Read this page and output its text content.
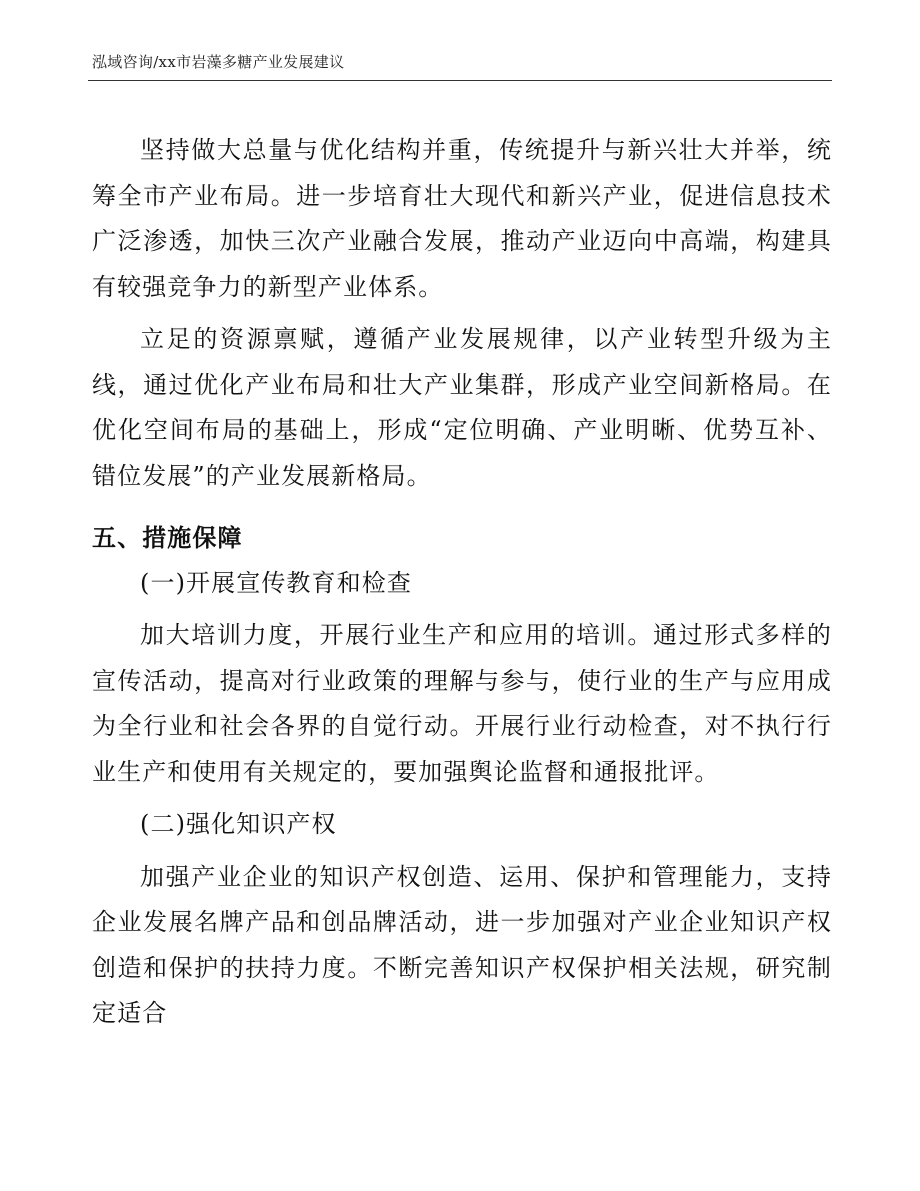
泓域咨询/xx市岩藻多糖产业发展建议

坚持做大总量与优化结构并重，传统提升与新兴壮大并举，统筹全市产业布局。进一步培育壮大现代和新兴产业，促进信息技术广泛渗透，加快三次产业融合发展，推动产业迈向中高端，构建具有较强竞争力的新型产业体系。

立足的资源禀赋，遵循产业发展规律，以产业转型升级为主线，通过优化产业布局和壮大产业集群，形成产业空间新格局。在优化空间布局的基础上，形成“定位明确、产业明晰、优势互补、错位发展”的产业发展新格局。

五、措施保障

(一)开展宣传教育和检查

加大培训力度，开展行业生产和应用的培训。通过形式多样的宣传活动，提高对行业政策的理解与参与，使行业的生产与应用成为全行业和社会各界的自觉行动。开展行业行动检查，对不执行行业生产和使用有关规定的，要加强舆论监督和通报批评。

(二)强化知识产权

加强产业企业的知识产权创造、运用、保护和管理能力，支持企业发展名牌产品和创品牌活动，进一步加强对产业企业知识产权创造和保护的扶持力度。不断完善知识产权保护相关法规，研究制定适合
